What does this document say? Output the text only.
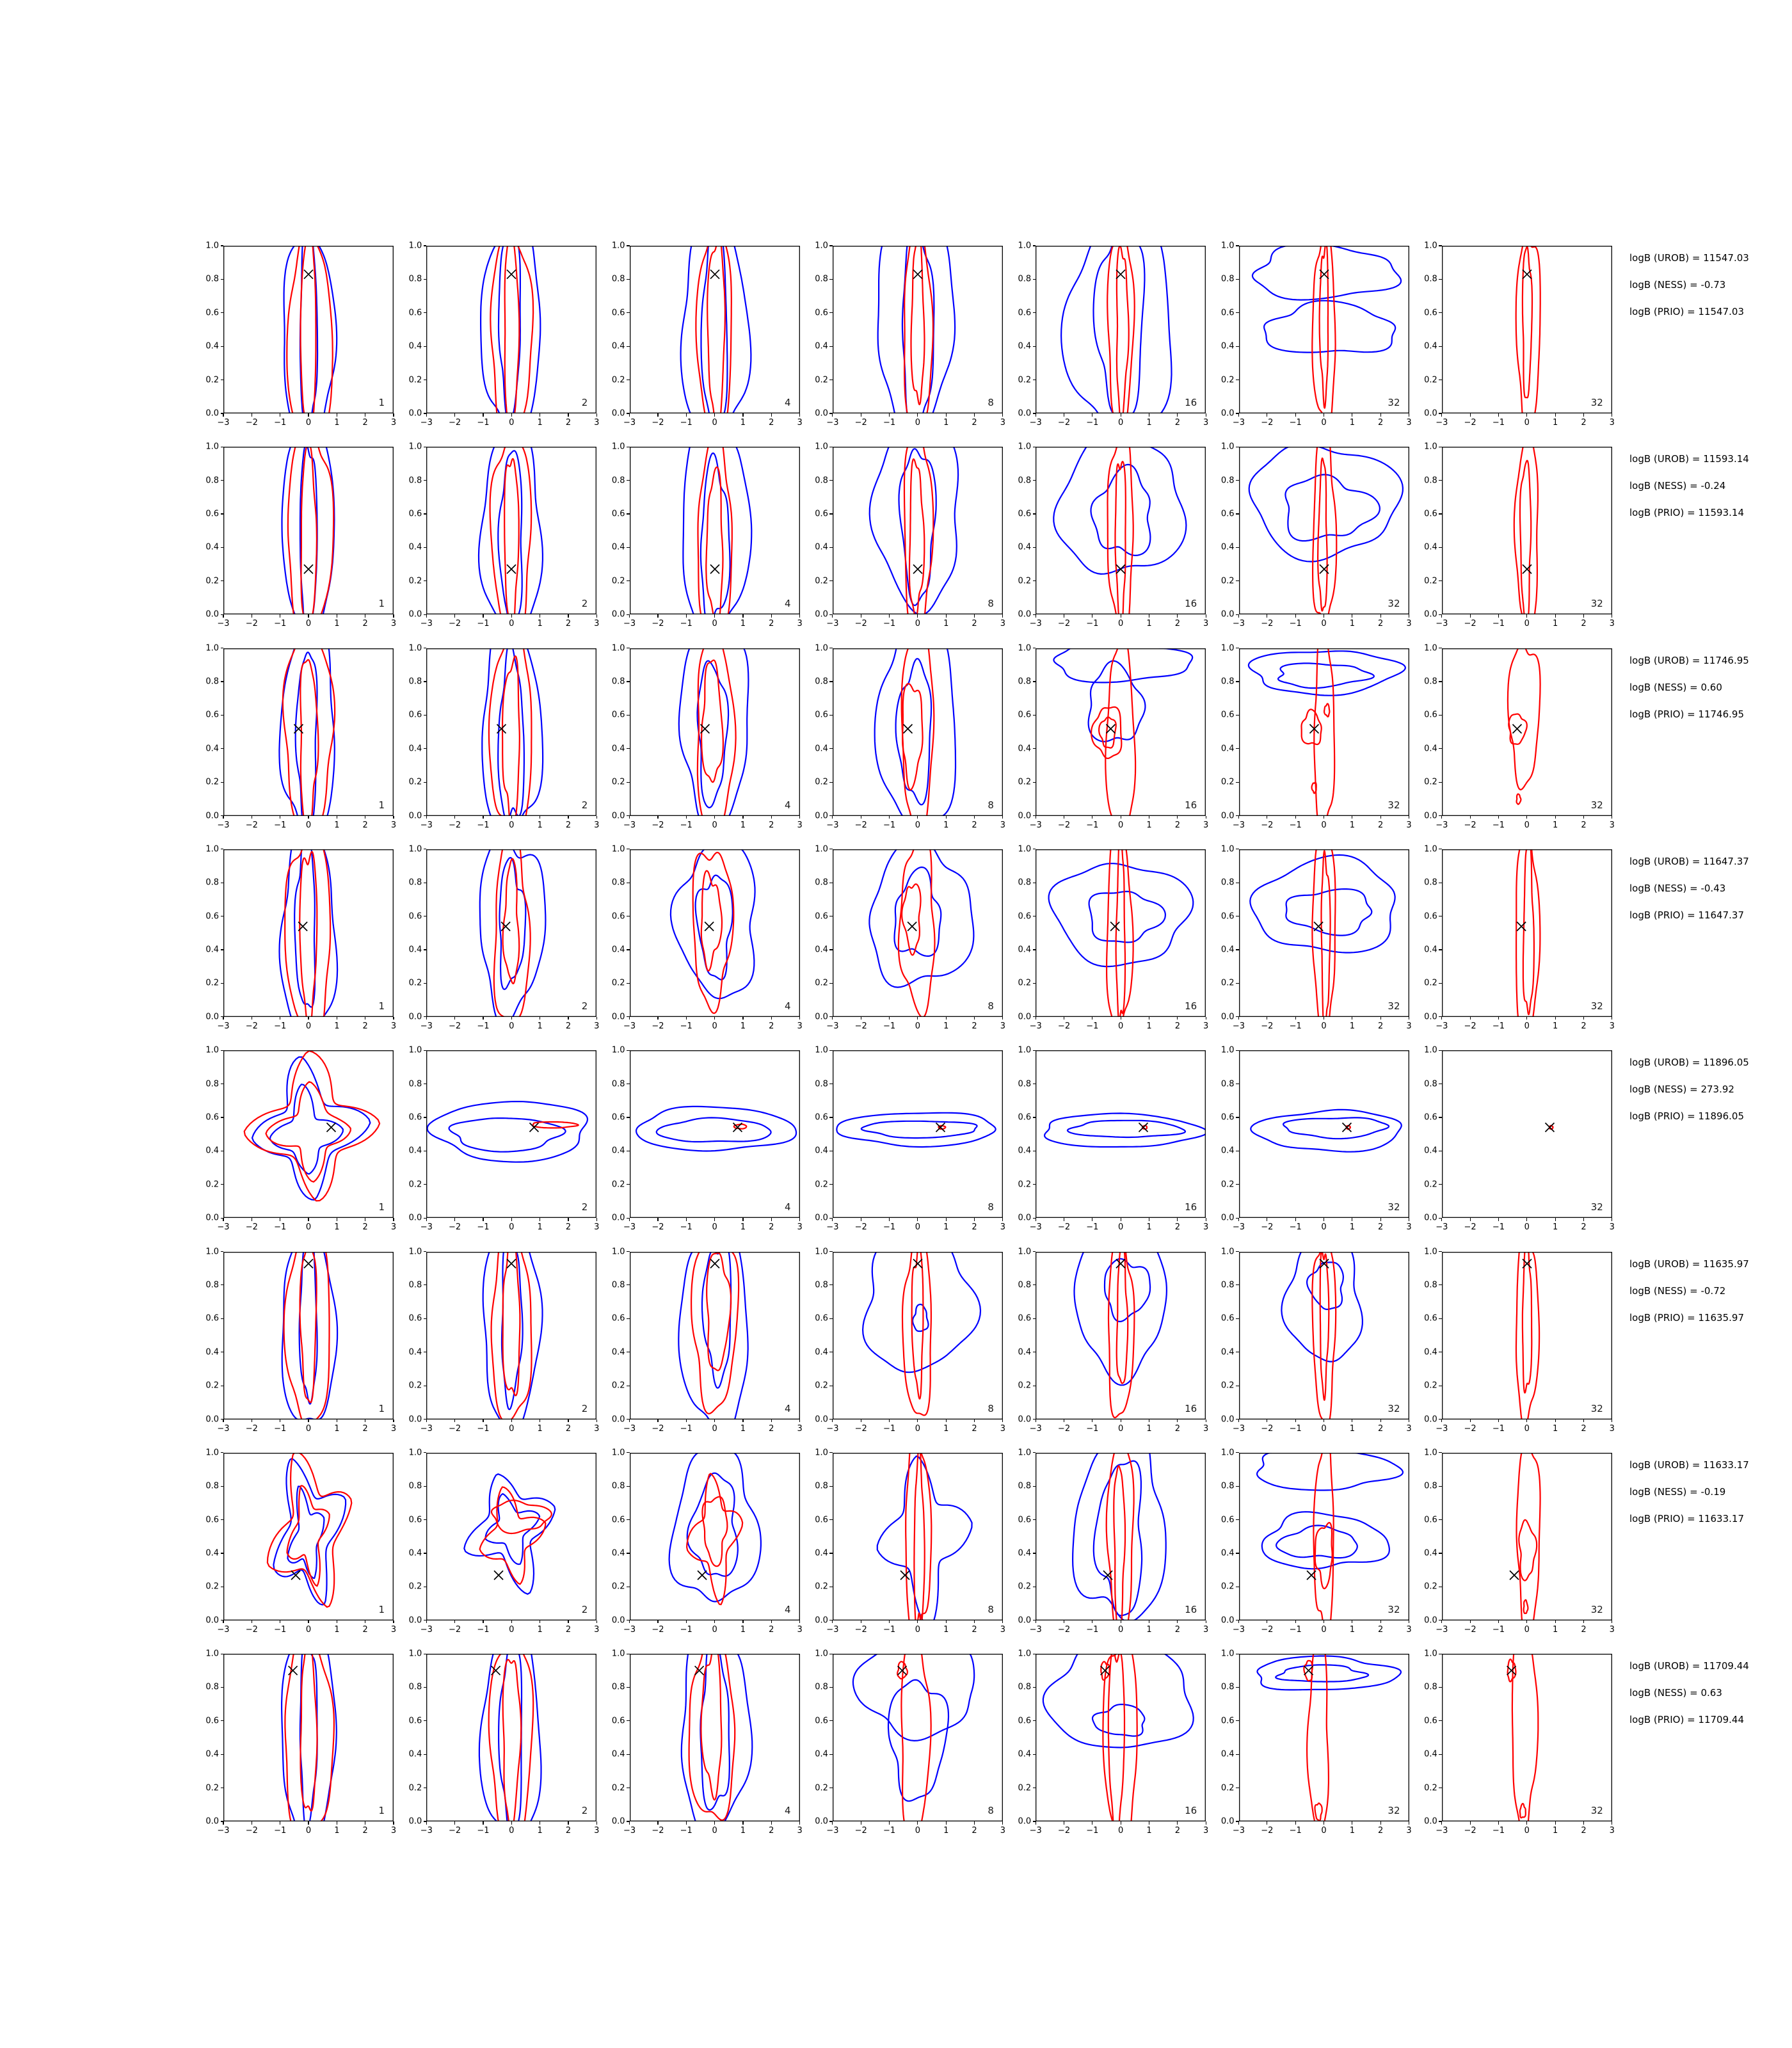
−3 −2 −1 0	1	2	3
0.0
0.2
0.4
0.6
0.8
1.0
1
−3 −2 −1 0	1	2	3
0.0
0.2
0.4
0.6
0.8
1.0
2
−3 −2 −1 0	1	2	3
0.0
0.2
0.4
0.6
0.8
1.0
4
−3 −2 −1 0	1	2	3
0.0
0.2
0.4
0.6
0.8
1.0
8
−3 −2 −1 0	1	2	3
0.0
0.2
0.4
0.6
0.8
1.0
16
−3 −2 −1 0	1	2	3
0.0
0.2
0.4
0.6
0.8
1.0
32
−3 −2 −1 0	1	2	3
0.0
0.2
0.4
0.6
0.8
1.0
32
logB (UROB) = 11547.03
logB (NESS) = -0.73
logB (PRIO) = 11547.03
−3 −2 −1 0	1	2	3
0.0
0.2
0.4
0.6
0.8
1.0
1
−3 −2 −1 0	1	2	3
0.0
0.2
0.4
0.6
0.8
1.0
2
−3 −2 −1 0	1	2	3
0.0
0.2
0.4
0.6
0.8
1.0
4
−3 −2 −1 0	1	2	3
0.0
0.2
0.4
0.6
0.8
1.0
8
−3 −2 −1 0	1	2	3
0.0
0.2
0.4
0.6
0.8
1.0
16
−3 −2 −1 0	1	2	3
0.0
0.2
0.4
0.6
0.8
1.0
32
−3 −2 −1 0	1	2	3
0.0
0.2
0.4
0.6
0.8
1.0
32
logB (UROB) = 11593.14
logB (NESS) = -0.24
logB (PRIO) = 11593.14
−3 −2 −1 0	1	2	3
0.0
0.2
0.4
0.6
0.8
1.0
1
−3 −2 −1 0	1	2	3
0.0
0.2
0.4
0.6
0.8
1.0
2
−3 −2 −1 0	1	2	3
0.0
0.2
0.4
0.6
0.8
1.0
4
−3 −2 −1 0	1	2	3
0.0
0.2
0.4
0.6
0.8
1.0
8
−3 −2 −1 0	1	2	3
0.0
0.2
0.4
0.6
0.8
1.0
16
−3 −2 −1 0	1	2	3
0.0
0.2
0.4
0.6
0.8
1.0
32
−3 −2 −1 0	1	2	3
0.0
0.2
0.4
0.6
0.8
1.0
32
logB (UROB) = 11746.95
logB (NESS) = 0.60
logB (PRIO) = 11746.95
−3 −2 −1 0	1	2	3
0.0
0.2
0.4
0.6
0.8
1.0
1
−3 −2 −1 0	1	2	3
0.0
0.2
0.4
0.6
0.8
1.0
2
−3 −2 −1 0	1	2	3
0.0
0.2
0.4
0.6
0.8
1.0
4
−3 −2 −1 0	1	2	3
0.0
0.2
0.4
0.6
0.8
1.0
8
−3 −2 −1 0	1	2	3
0.0
0.2
0.4
0.6
0.8
1.0
16
−3 −2 −1 0	1	2	3
0.0
0.2
0.4
0.6
0.8
1.0
32
−3 −2 −1 0	1	2	3
0.0
0.2
0.4
0.6
0.8
1.0
32
logB (UROB) = 11647.37
logB (NESS) = -0.43
logB (PRIO) = 11647.37
−3 −2 −1 0	1	2	3
0.0
0.2
0.4
0.6
0.8
1.0
1
−3 −2 −1 0	1	2	3
0.0
0.2
0.4
0.6
0.8
1.0
2
−3 −2 −1 0	1	2	3
0.0
0.2
0.4
0.6
0.8
1.0
4
−3 −2 −1 0	1	2	3
0.0
0.2
0.4
0.6
0.8
1.0
8
−3 −2 −1 0	1	2	3
0.0
0.2
0.4
0.6
0.8
1.0
16
−3 −2 −1 0	1	2	3
0.0
0.2
0.4
0.6
0.8
1.0
32
−3 −2 −1 0	1	2	3
0.0
0.2
0.4
0.6
0.8
1.0
32
logB (UROB) = 11896.05
logB (NESS) = 273.92
logB (PRIO) = 11896.05
−3 −2 −1 0	1	2	3
0.0
0.2
0.4
0.6
0.8
1.0
1
−3 −2 −1 0	1	2	3
0.0
0.2
0.4
0.6
0.8
1.0
2
−3 −2 −1 0	1	2	3
0.0
0.2
0.4
0.6
0.8
1.0
4
−3 −2 −1 0	1	2	3
0.0
0.2
0.4
0.6
0.8
1.0
8
−3 −2 −1 0	1	2	3
0.0
0.2
0.4
0.6
0.8
1.0
16
−3 −2 −1 0	1	2	3
0.0
0.2
0.4
0.6
0.8
1.0
32
−3 −2 −1 0	1	2	3
0.0
0.2
0.4
0.6
0.8
1.0
32
logB (UROB) = 11635.97
logB (NESS) = -0.72
logB (PRIO) = 11635.97
−3 −2 −1 0	1	2	3
0.0
0.2
0.4
0.6
0.8
1.0
1
−3 −2 −1 0	1	2	3
0.0
0.2
0.4
0.6
0.8
1.0
2
−3 −2 −1 0	1	2	3
0.0
0.2
0.4
0.6
0.8
1.0
4
−3 −2 −1 0	1	2	3
0.0
0.2
0.4
0.6
0.8
1.0
8
−3 −2 −1 0	1	2	3
0.0
0.2
0.4
0.6
0.8
1.0
16
−3 −2 −1 0	1	2	3
0.0
0.2
0.4
0.6
0.8
1.0
32
−3 −2 −1 0	1	2	3
0.0
0.2
0.4
0.6
0.8
1.0
32
logB (UROB) = 11633.17
logB (NESS) = -0.19
logB (PRIO) = 11633.17
−3 −2 −1 0	1	2	3
0.0
0.2
0.4
0.6
0.8
1.0
1
−3 −2 −1 0	1	2	3
0.0
0.2
0.4
0.6
0.8
1.0
2
−3 −2 −1 0	1	2	3
0.0
0.2
0.4
0.6
0.8
1.0
4
−3 −2 −1 0	1	2	3
0.0
0.2
0.4
0.6
0.8
1.0
8
−3 −2 −1 0	1	2	3
0.0
0.2
0.4
0.6
0.8
1.0
16
−3 −2 −1 0	1	2	3
0.0
0.2
0.4
0.6
0.8
1.0
32
−3 −2 −1 0	1	2	3
0.0
0.2
0.4
0.6
0.8
1.0
32
logB (UROB) = 11709.44
logB (NESS) = 0.63
logB (PRIO) = 11709.44
